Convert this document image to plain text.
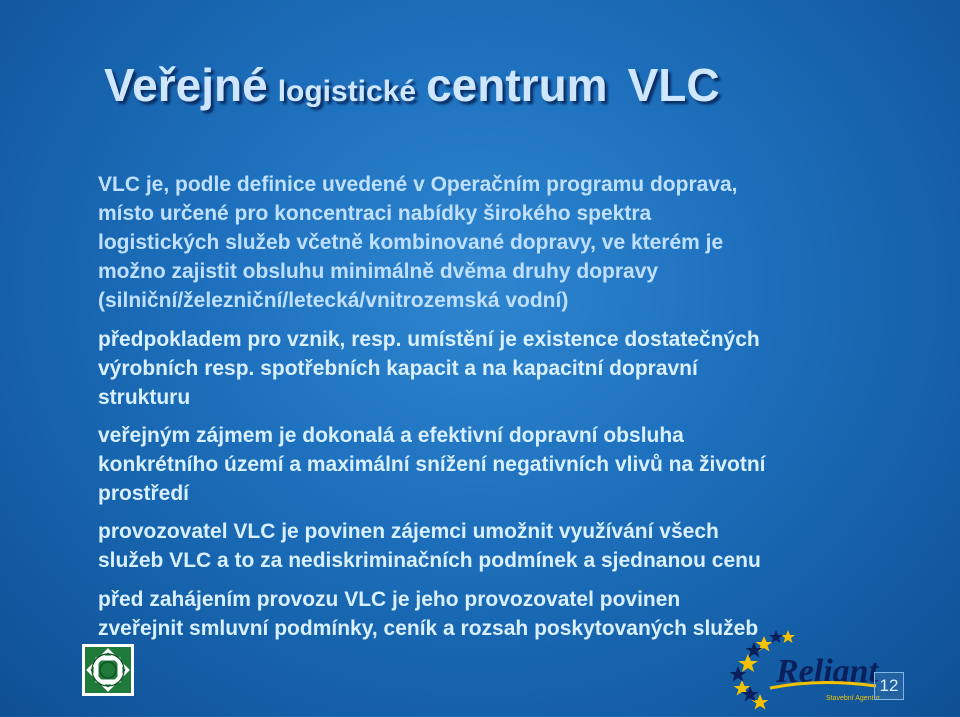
Veřejné logistické centrum VLC
VLC je, podle definice uvedené v Operačním programu doprava,
místo určené pro koncentraci nabídky širokého spektra
logistických služeb včetně kombinované dopravy, ve kterém je
možno zajistit obsluhu minimálně dvěma druhy dopravy
(silniční/železniční/letecká/vnitrozemská vodní)
předpokladem pro vznik, resp. umístění je existence dostatečných
výrobních resp. spotřebních kapacit a na kapacitní dopravní
strukturu
veřejným zájmem je dokonalá a efektivní dopravní obsluha
konkrétního území a maximální snížení negativních vlivů na životní
prostředí
provozovatel VLC je povinen zájemci umožnit využívání všech
služeb VLC a to za nediskriminačních podmínek a sjednanou cenu
před zahájením provozu VLC je jeho provozovatel povinen
zveřejnit smluvní podmínky, ceník a rozsah poskytovaných služeb
Reliant
Stavební Agentura
12
